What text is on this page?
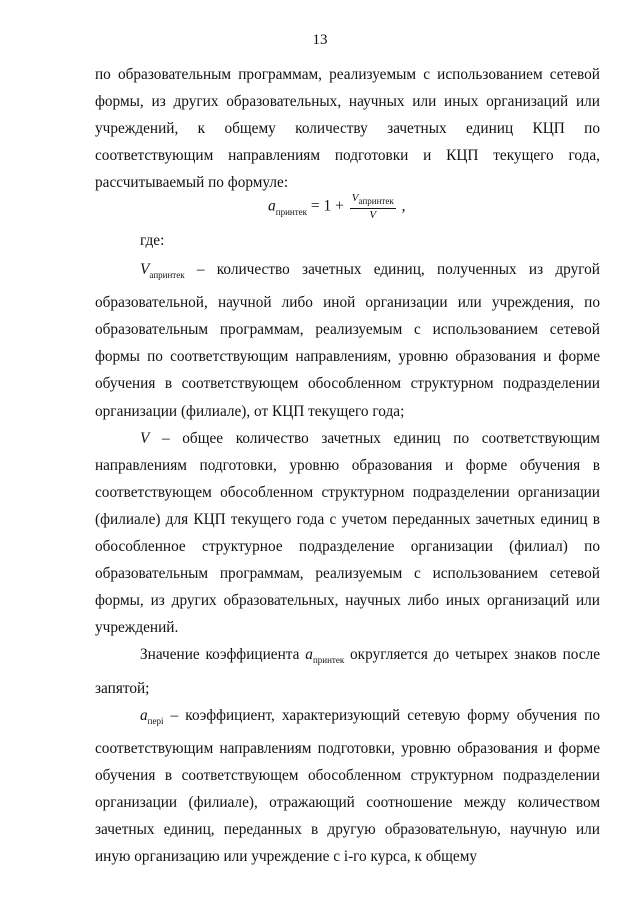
13

по образовательным программам, реализуемым с использованием сетевой формы, из других образовательных, научных или иных организаций или учреждений, к общему количеству зачетных единиц КЦП по соответствующим направлениям подготовки и КЦП текущего года, рассчитываемый по формуле:

$a_{принтек} = 1 + \frac{V_{aпринтек}}{V}$ ,
где:

$V_{aпринтек}$ – количество зачетных единиц, полученных из другой образовательной, научной либо иной организации или учреждения, по образовательным программам, реализуемым с использованием сетевой формы по соответствующим направлениям, уровню образования и форме обучения в соответствующем обособленном структурном подразделении организации (филиале), от КЦП текущего года;

V – общее количество зачетных единиц по соответствующим направлениям подготовки, уровню образования и форме обучения в соответствующем обособленном структурном подразделении организации (филиале) для КЦП текущего года с учетом переданных зачетных единиц в обособленное структурное подразделение организации (филиал) по образовательным программам, реализуемым с использованием сетевой формы, из других образовательных, научных либо иных организаций или учреждений.

Значение коэффициента $a_{принтек}$ округляется до четырех знаков после запятой;

$a_{перi}$ – коэффициент, характеризующий сетевую форму обучения по соответствующим направлениям подготовки, уровню образования и форме обучения в соответствующем обособленном структурном подразделении организации (филиале), отражающий соотношение между количеством зачетных единиц, переданных в другую образовательную, научную или иную организацию или учреждение с i-го курса, к общему
